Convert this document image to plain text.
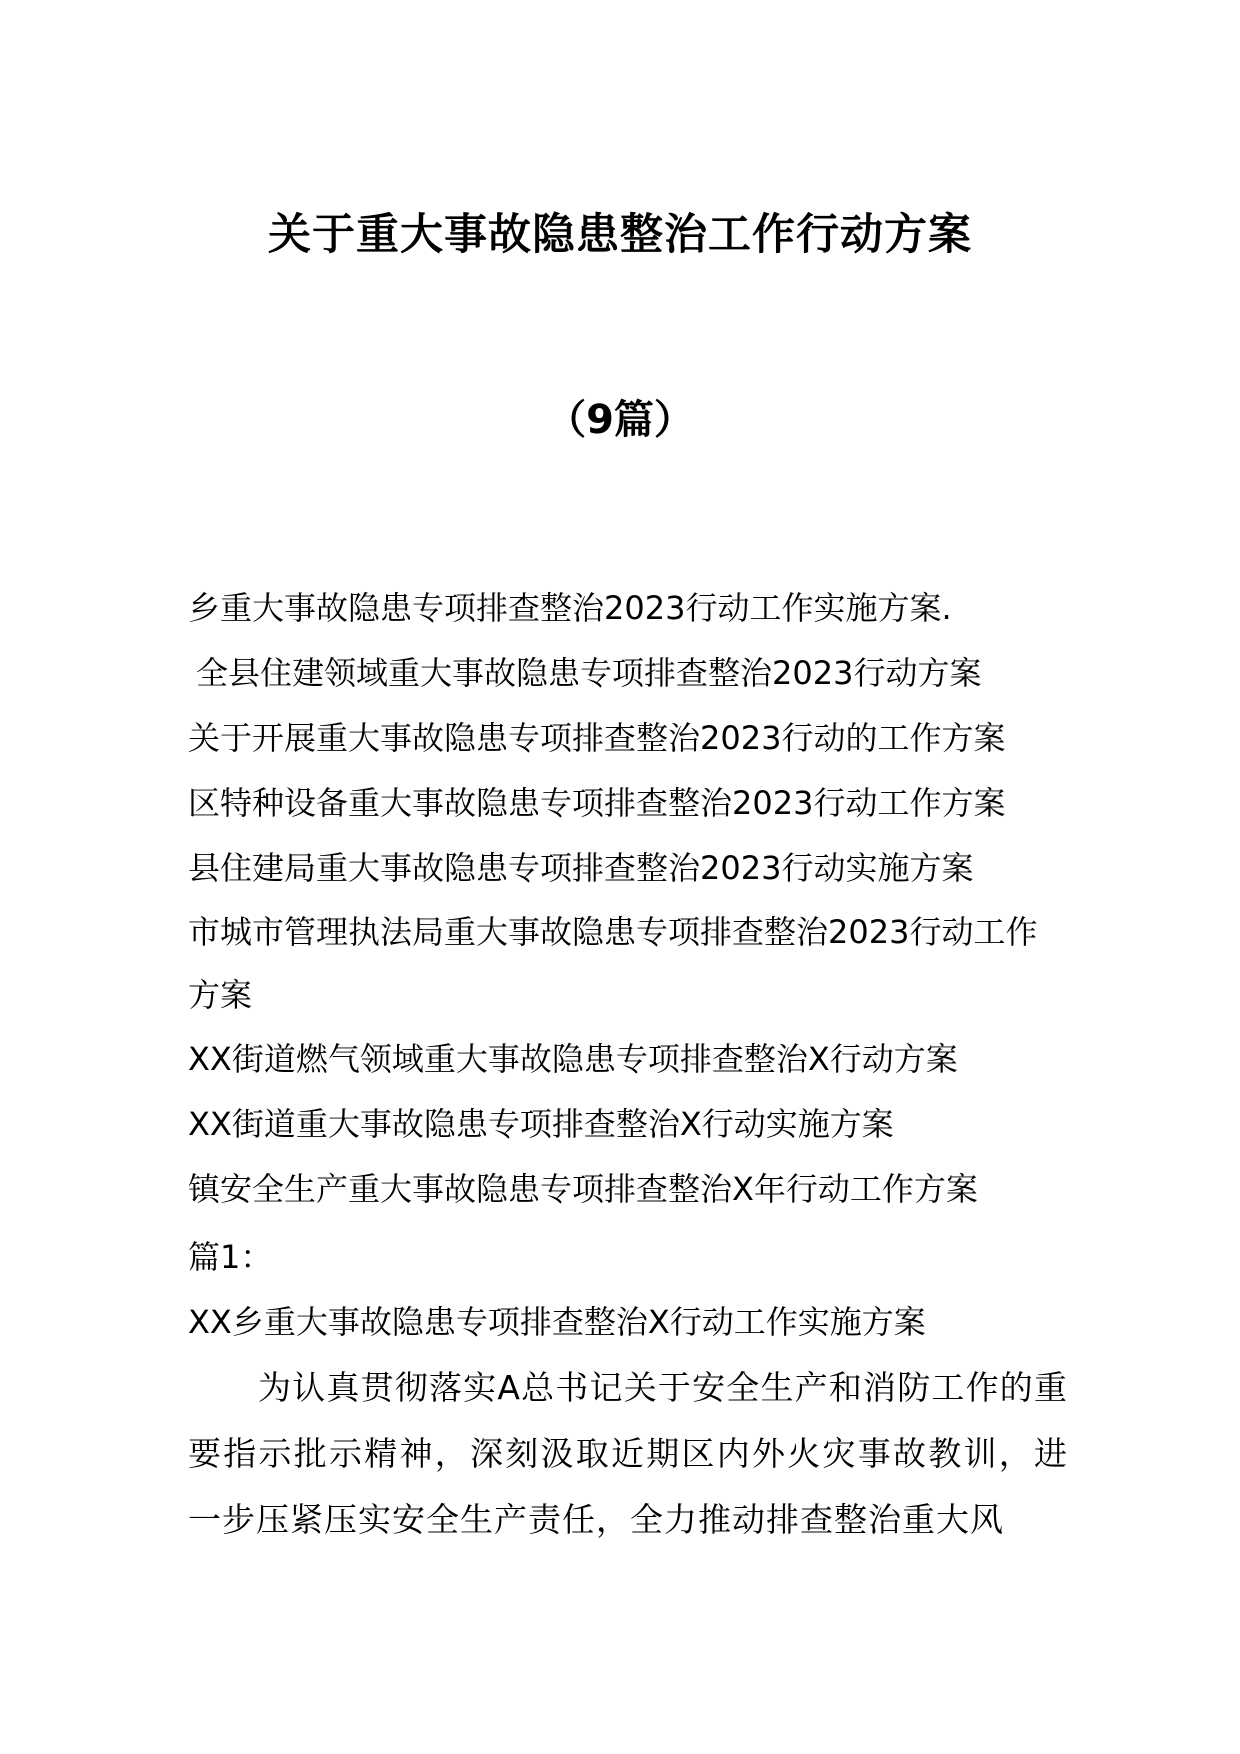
关于重大事故隐患整治工作行动方案
（9篇）
乡重大事故隐患专项排查整治2023行动工作实施方案.
全县住建领域重大事故隐患专项排查整治2023行动方案
关于开展重大事故隐患专项排查整治2023行动的工作方案
区特种设备重大事故隐患专项排查整治2023行动工作方案
县住建局重大事故隐患专项排查整治2023行动实施方案
市城市管理执法局重大事故隐患专项排查整治2023行动工作方案
XX街道燃气领域重大事故隐患专项排查整治X行动方案
XX街道重大事故隐患专项排查整治X行动实施方案
镇安全生产重大事故隐患专项排查整治X年行动工作方案
篇1：
XX乡重大事故隐患专项排查整治X行动工作实施方案
为认真贯彻落实A总书记关于安全生产和消防工作的重要指示批示精神，深刻汲取近期区内外火灾事故教训，进一步压紧压实安全生产责任，全力推动排查整治重大风
